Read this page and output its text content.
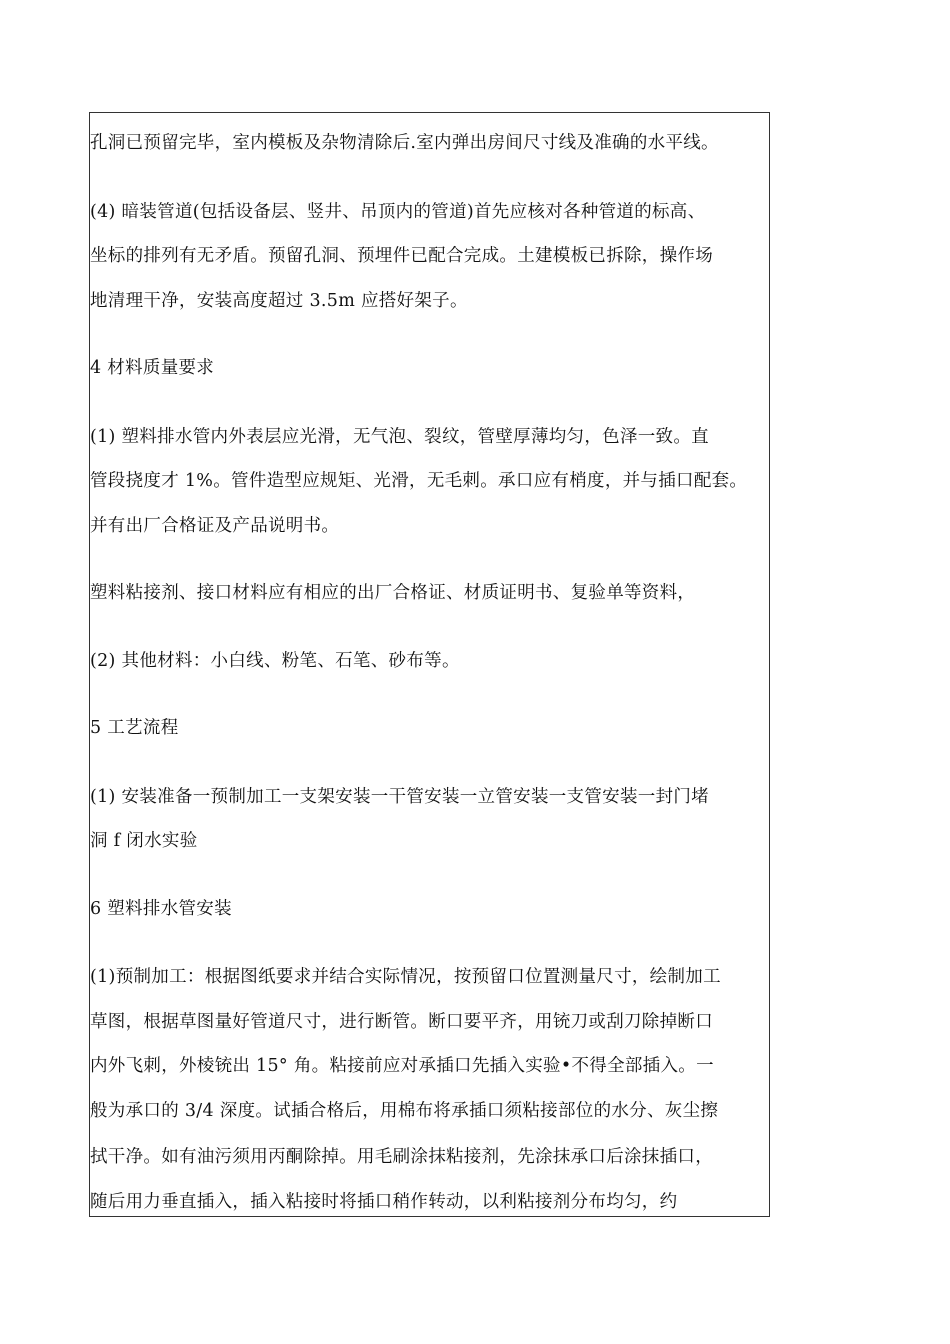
孔洞已预留完毕，室内模板及杂物清除后.室内弹出房间尺寸线及准确的水平线。
(4) 暗装管道(包括设备层、竖井、吊顶内的管道)首先应核对各种管道的标高、
坐标的排列有无矛盾。预留孔洞、预埋件已配合完成。土建模板已拆除，操作场
地清理干净，安装高度超过 3.5m 应搭好架子。
4 材料质量要求
(1) 塑料排水管内外表层应光滑，无气泡、裂纹，管壁厚薄均匀，色泽一致。直
管段挠度才 1%。管件造型应规矩、光滑，无毛刺。承口应有梢度，并与插口配套。
并有出厂合格证及产品说明书。
塑料粘接剂、接口材料应有相应的出厂合格证、材质证明书、复验单等资料，
(2) 其他材料：小白线、粉笔、石笔、砂布等。
5 工艺流程
(1) 安装准备一预制加工一支架安装一干管安装一立管安装一支管安装一封门堵
洞 f 闭水实验
6 塑料排水管安装
(1)预制加工：根据图纸要求并结合实际情况，按预留口位置测量尺寸，绘制加工
草图，根据草图量好管道尺寸，进行断管。断口要平齐，用铳刀或刮刀除掉断口
内外飞刺，外棱铳出 15° 角。粘接前应对承插口先插入实验•不得全部插入。一
般为承口的 3/4 深度。试插合格后，用棉布将承插口须粘接部位的水分、灰尘擦
拭干净。如有油污须用丙酮除掉。用毛刷涂抹粘接剂，先涂抹承口后涂抹插口，
随后用力垂直插入，插入粘接时将插口稍作转动，以利粘接剂分布均匀，约
